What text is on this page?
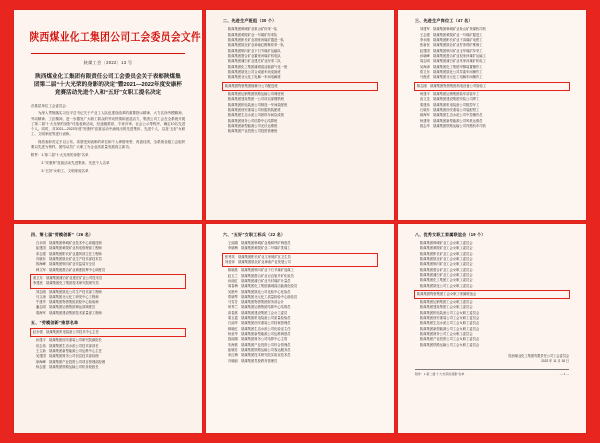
陕西煤业化工集团公司工会委员会文件
陕煤工会〔2022〕13 号
陕西煤业化工集团有限责任公司工会委员会关于表彰陕煤集团第二届“十大光荣的身影的决定”暨2021—2022年度安康杯竞赛活动先进个人和“五好”女职工提名决定

各基层单位工会委员会：

为深入贯彻落实习近平总书记关于产业工人队伍建设改革的重要指示精神，大力弘扬劳模精神、劳动精神、工匠精神，进一步激发广大职工群众的劳动热情和创造活力，集团公司工会在全系统开展了第二届“十大光荣的身影”评选表彰活动，经逐级推荐、专家评审、社会公示等程序，确定10名先进个人。同时，对2021—2022年度“安康杯”竞赛活动中涌现出的先进集体、先进个人，以及“五好”女职工、文明家庭等进行表彰。

现将表彰决定予以公布，希望受到表彰的单位和个人珍惜荣誉、再创佳绩，全系统各级工会组织要以先进为榜样，团结动员广大职工为企业高质量发展再立新功。

附件：1.第二届“十大光荣的身影”名单

　　　2.“安康杯”竞赛活动先进集体、先进个人名单

　　　3.“五好”女职工、文明家庭名单

二、先进生产班组（30 个）
陕煤集团韩城矿业象山矿综采一队
陕煤集团黄陵矿业一号煤矿综采队
陕煤集团彬长矿业胡家河煤矿掘进一队
陕煤集团陕北矿业神南红柳林综采一队
陕煤集团铜川矿业下石节煤矿运输队
陕煤集团澄合矿业董家河煤矿机电队
陕煤集团蒲白矿业建庄矿业综采二队
陕煤集团化工集团蒲城清洁能源气化一班
陕煤集团陕化公司合成氨车间变换班
陕煤集团北元化工电解一车间电解班
陕煤集团物资集团榆林分公司配送班
陕煤集团运销集团铁路运输公司调度班
陕煤集团建设集团一公司项目部钢筋班
陕煤集团机电装备公司制造一车间装配班
陕煤集团西安重装公司综掘机装配班
陕煤集团生态水泥公司熟料车间烧成班
陕煤集团财务公司结算中心结算班
陕煤集团新型能源公司光伏运维班
陕煤集团产业投资公司投资管理班
三、先进生产岗位工（47 名）
刘建军　陕煤集团韩城矿业象山矿采煤机司机
王志强　陕煤集团黄陵矿业一号煤矿掘进工
李永刚　陕煤集团彬长矿业下沟煤矿电钳工
张新民　陕煤集团陕北矿业柠条塔矿维修工
赵建国　陕煤集团铜川矿业玉华煤矿综采工
孙晓峰　陕煤集团澄合矿业权家河煤矿运输工
周志明　陕煤集团蒲白矿业朱家河煤矿机电工
吴海涛　陕煤集团化工集团甲醇装置操作工
郑卫东　陕煤集团陕化公司尿素车间操作工
马俊虎　陕煤集团北元化工电解车间操作工
陈志刚　陕煤集团物资集团机电设备公司检验工
何建平　陕煤集团运销集团装车站装车工
高文龙　陕煤集团建设集团安装公司焊工
秦建伟　陕煤集团机电装备公司数控车工
石晓东　陕煤集团西安重装公司装配钳工
薛海军　陕煤集团生态水泥公司中控操作员
杨建荣　陕煤集团新型能源公司风机运维员
钱志华　陕煤集团铁路运输公司内燃机车司机
四、第七届“劳模创新”（26 名）
白永明　陕煤集团韩城矿业技术中心高级技师
崔建国　陕煤集团黄陵矿业机电管理部工程师
邓志强　陕煤集团彬长矿业通风部主任工程师
冯晓东　陕煤集团陕北矿业生产技术部技术员
郭海峰　陕煤集团铜川矿业安监局安全员
韩文军　陕煤集团澄合矿业调度指挥中心调度员
姜卫东　陕煤集团蒲白矿业建庄矿业公司技术员
李建民　陕煤集团化工集团技术研究院研究员
刘志刚　陕煤集团陕化公司生产技术部工程师
马文涛　陕煤集团北元化工研发中心工程师
牛建华　陕煤集团物资集团质检中心检验师
潘志明　陕煤集团运销集团调运部调度员
秦海军　陕煤集团建设集团技术质量部工程师
五、“劳模创新”推荐名单
赵永强　陕煤集团机电装备公司技术中心主任
孙建平　陕煤集团西安重装公司研究院副院长
田志伟　陕煤集团生态水泥公司技术部部长
王立新　陕煤集团新型能源公司运维中心主任
吴建国　陕煤集团财务公司信息技术部经理
徐海峰　陕煤集团产业投资公司项目管理部经理
杨志强　陕煤集团铁路运输公司机务段段长
六、“五好”女职工标兵（22 名）
王丽娟　陕煤集团韩城矿业桑树坪矿调度员
李晓梅　陕煤集团黄陵矿业二号煤矿洗煤工
张秀英　陕煤集团彬长矿业文家坡矿区卫生员
刘爱萍　陕煤集团陕北矿业神南产业发展公司
陈晓燕　陕煤集团铜川矿业下石节煤矿选煤工
赵玉兰　陕煤集团澄合矿业百良旭升矿化验员
孙丽红　陕煤集团蒲白矿业马村煤矿计量员
周春梅　陕煤集团化工集团蒲城清洁能源化验员
吴艳玲　陕煤集团陕化公司化验中心化验员
郑晓琴　陕煤集团北元化工质量检验中心检验员
马雪芳　陕煤集团物资集团财务部会计
何秀兰　陕煤集团运销集团结算中心结算员
高春燕　陕煤集团建设集团工会女工委员
秦玉霞　陕煤集团机电装备公司质量检验员
石丽华　陕煤集团西安重装公司档案管理员
薛晓红　陕煤集团生态水泥公司化验室主任
杨爱华　陕煤集团新型能源公司运维调度员
钱丽娟　陕煤集团财务公司结算中心主管
朱海燕　陕煤集团产业投资公司综合管理员
崔晓芳　陕煤集团铁路运输公司客运服务员
邓红梅　陕煤集团技术研究院实验室技术员
冯晓丽　陕煤集团党校教务管理员
八、优秀女职工家属联谊会（19 个）
陕煤集团韩城矿业工会女职工委员会
陕煤集团黄陵矿业工会女职工委员会
陕煤集团彬长矿业工会女职工委员会
陕煤集团陕北矿业工会女职工委员会
陕煤集团铜川矿业工会女职工委员会
陕煤集团澄合矿业工会女职工委员会
陕煤集团蒲白矿业工会女职工委员会
陕煤集团化工集团工会女职工委员会
陕煤集团陕化公司工会女职工委员会
陕煤集团物资集团工会女职工家属联谊会
陕煤集团运销集团工会女职工委员会
陕煤集团建设集团工会女职工委员会
陕煤集团机电装备公司工会女职工委员会
陕煤集团西安重装公司工会女职工委员会
陕煤集团生态水泥公司工会女职工委员会
陕煤集团新型能源公司工会女职工委员会
陕煤集团财务公司工会女职工委员会
陕煤集团产业投资公司工会女职工委员会
陕煤集团铁路运输公司工会女职工委员会
陕西煤业化工集团有限责任公司工会委员会
2022 年 11 月 18 日
附件：1.第二届“十大光荣的身影”名单	— 1 —
